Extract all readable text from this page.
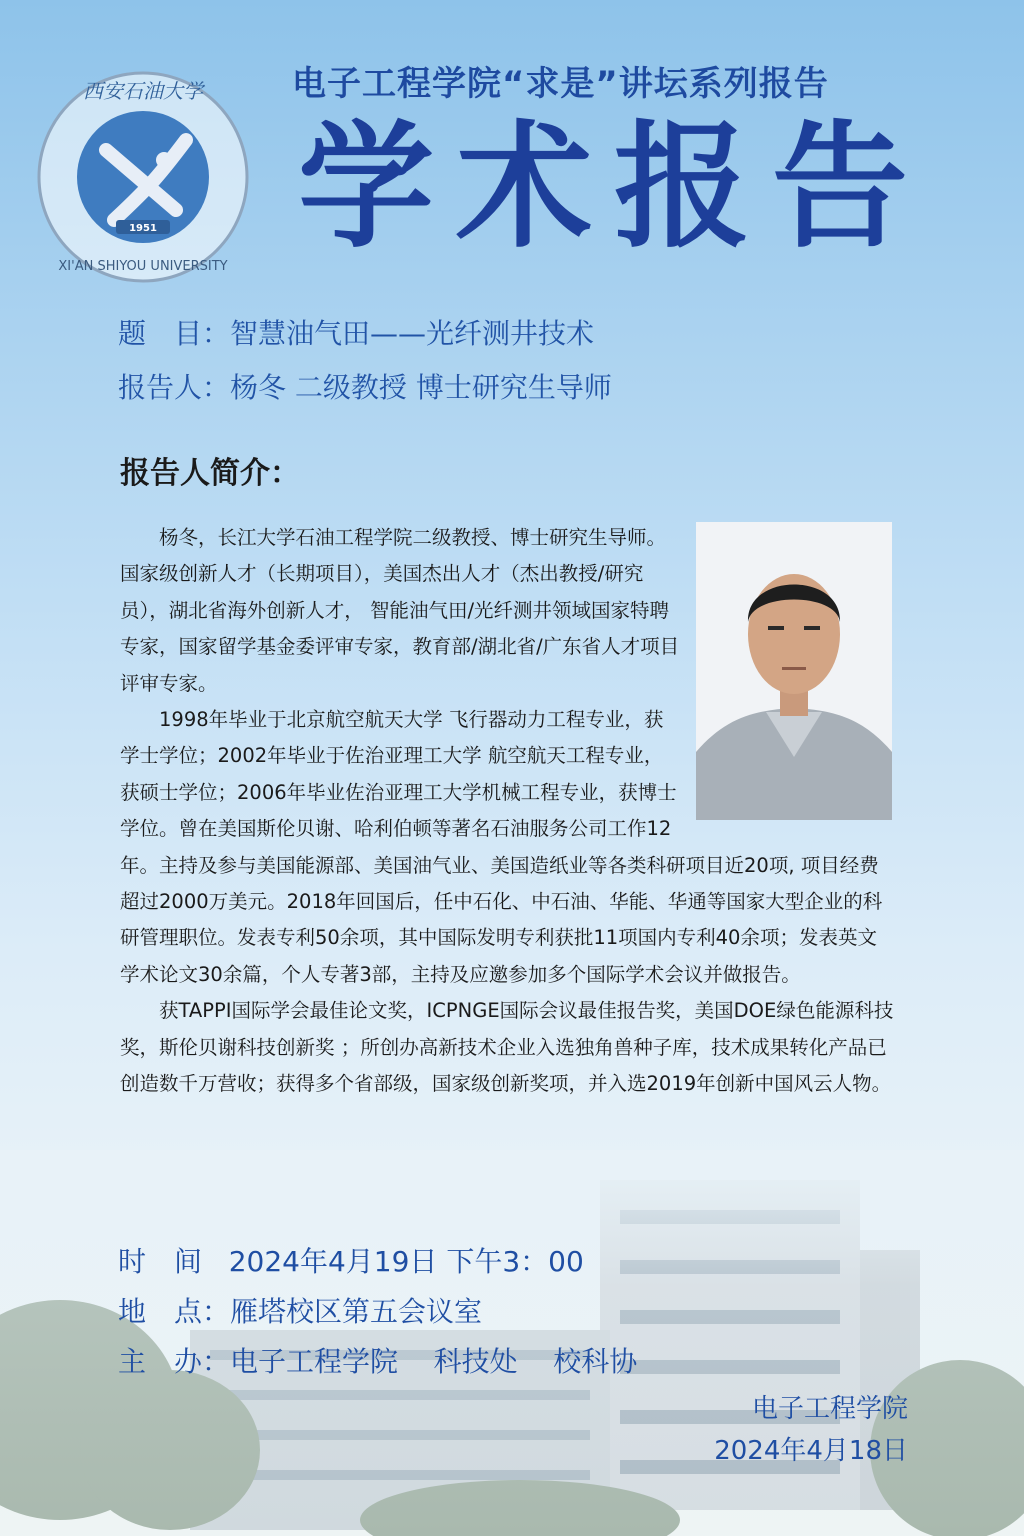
1951
西安石油大学
XI'AN SHIYOU UNIVERSITY
电子工程学院“求是”讲坛系列报告
学术报告
题　目：智慧油气田——光纤测井技术
报告人：杨冬 二级教授 博士研究生导师
报告人简介：

杨冬，长江大学石油工程学院二级教授、博士研究生导师。国家级创新人才（长期项目），美国杰出人才（杰出教授/研究员），湖北省海外创新人才， 智能油气田/光纤测井领域国家特聘专家，国家留学基金委评审专家，教育部/湖北省/广东省人才项目评审专家。

1998年毕业于北京航空航天大学 飞行器动力工程专业，获学士学位；2002年毕业于佐治亚理工大学 航空航天工程专业，获硕士学位；2006年毕业佐治亚理工大学机械工程专业，获博士学位。曾在美国斯伦贝谢、哈利伯顿等著名石油服务公司工作12年。主持及参与美国能源部、美国油气业、美国造纸业等各类科研项目近20项, 项目经费超过2000万美元。2018年回国后，任中石化、中石油、华能、华通等国家大型企业的科研管理职位。发表专利50余项，其中国际发明专利获批11项国内专利40余项；发表英文学术论文30余篇，个人专著3部，主持及应邀参加多个国际学术会议并做报告。

获TAPPI国际学会最佳论文奖，ICPNGE国际会议最佳报告奖，美国DOE绿色能源科技奖，斯伦贝谢科技创新奖 ；所创办高新技术企业入选独角兽种子库，技术成果转化产品已创造数千万营收；获得多个省部级，国家级创新奖项，并入选2019年创新中国风云人物。

时　间 2024年4月19日 下午3：00
地　点：雁塔校区第五会议室
主　办：电子工程学院    科技处    校科协
电子工程学院
2024年4月18日
